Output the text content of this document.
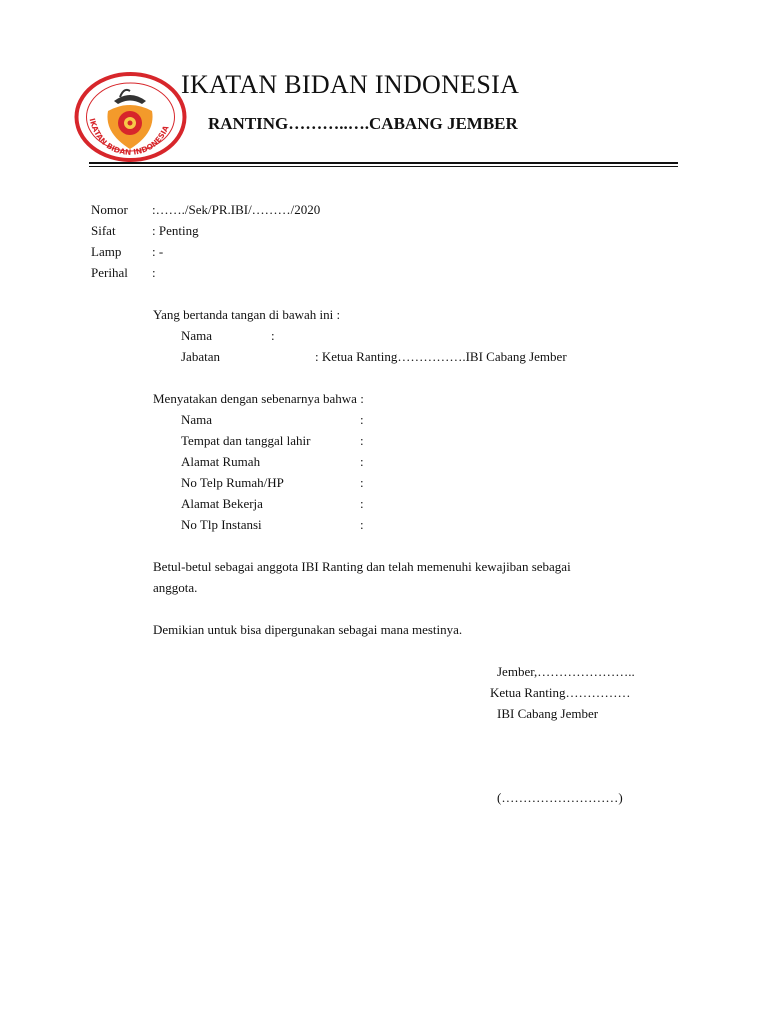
IKATAN BIDAN INDONESIA
IKATAN BIDAN INDONESIA
RANTING………..….CABANG JEMBER
Nomor :……./Sek/PR.IBI/………/2020
Sifat	: Penting
Lamp : -
Perihal :
Yang bertanda tangan di bawah ini :
Nama	:
Jabatan	: Ketua Ranting…………….IBI Cabang Jember
Menyatakan dengan sebenarnya bahwa :
Nama	:
Tempat dan tanggal lahir	:
Alamat Rumah	:
No Telp Rumah/HP	:
Alamat Bekerja	:
No Tlp Instansi	:
Betul-betul sebagai anggota IBI Ranting dan telah memenuhi kewajiban sebagai
anggota.
Demikian untuk bisa dipergunakan sebagai mana mestinya.
Jember,…………………..
Ketua Ranting……………
IBI Cabang Jember
(………………………)
